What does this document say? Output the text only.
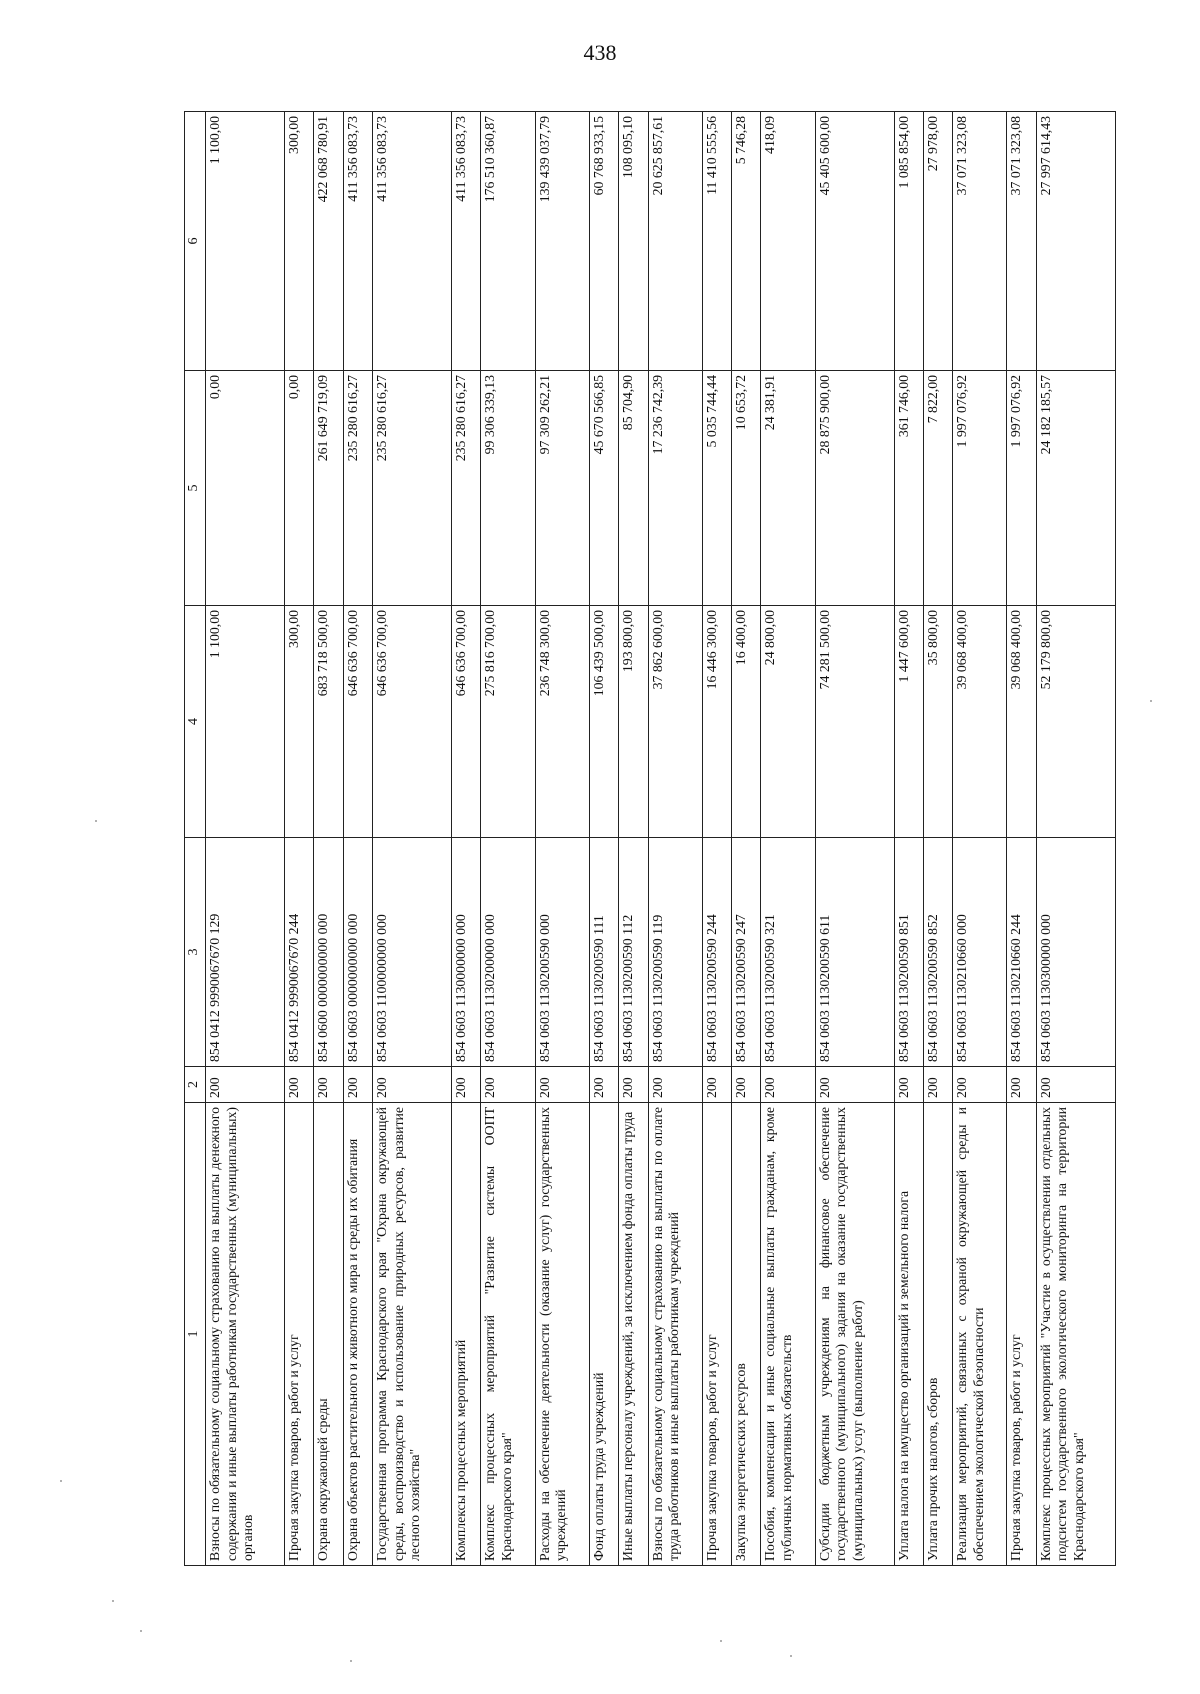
438
1	2	3	4	5	6
Взносы по обязательному социальному страхованию на выплаты денежного содержания и иные выплаты работникам государственных (муниципальных) органов	200	854 0412 9990067670 129	1 100,00	0,00	1 100,00
Прочая закупка товаров, работ и услуг	200	854 0412 9990067670 244	300,00	0,00	300,00
Охрана окружающей среды	200	854 0600 0000000000 000	683 718 500,00	261 649 719,09	422 068 780,91
Охрана объектов растительного и животного мира и среды их обитания	200	854 0603 0000000000 000	646 636 700,00	235 280 616,27	411 356 083,73
Государственная программа Краснодарского края "Охрана окружающей среды, воспроизводство и использование природных ресурсов, развитие лесного хозяйства"	200	854 0603 1100000000 000	646 636 700,00	235 280 616,27	411 356 083,73
Комплексы процессных мероприятий	200	854 0603 1130000000 000	646 636 700,00	235 280 616,27	411 356 083,73
Комплекс процессных мероприятий "Развитие системы ООПТ Краснодарского края"	200	854 0603 1130200000 000	275 816 700,00	99 306 339,13	176 510 360,87
Расходы на обеспечение деятельности (оказание услуг) государственных учреждений	200	854 0603 1130200590 000	236 748 300,00	97 309 262,21	139 439 037,79
Фонд оплаты труда учреждений	200	854 0603 1130200590 111	106 439 500,00	45 670 566,85	60 768 933,15
Иные выплаты персоналу учреждений, за исключением фонда оплаты труда	200	854 0603 1130200590 112	193 800,00	85 704,90	108 095,10
Взносы по обязательному социальному страхованию на выплаты по оплате труда работников и иные выплаты работникам учреждений	200	854 0603 1130200590 119	37 862 600,00	17 236 742,39	20 625 857,61
Прочая закупка товаров, работ и услуг	200	854 0603 1130200590 244	16 446 300,00	5 035 744,44	11 410 555,56
Закупка энергетических ресурсов	200	854 0603 1130200590 247	16 400,00	10 653,72	5 746,28
Пособия, компенсации и иные социальные выплаты гражданам, кроме публичных нормативных обязательств	200	854 0603 1130200590 321	24 800,00	24 381,91	418,09
Субсидии бюджетным учреждениям на финансовое обеспечение государственного (муниципального) задания на оказание государственных (муниципальных) услуг (выполнение работ)	200	854 0603 1130200590 611	74 281 500,00	28 875 900,00	45 405 600,00
Уплата налога на имущество организаций и земельного налога	200	854 0603 1130200590 851	1 447 600,00	361 746,00	1 085 854,00
Уплата прочих налогов, сборов	200	854 0603 1130200590 852	35 800,00	7 822,00	27 978,00
Реализация мероприятий, связанных с охраной окружающей среды и обеспечением экологической безопасности	200	854 0603 1130210660 000	39 068 400,00	1 997 076,92	37 071 323,08
Прочая закупка товаров, работ и услуг	200	854 0603 1130210660 244	39 068 400,00	1 997 076,92	37 071 323,08
Комплекс процессных мероприятий "Участие в осуществлении отдельных подсистем государственного экологического мониторинга на территории Краснодарского края"	200	854 0603 1130300000 000	52 179 800,00	24 182 185,57	27 997 614,43
